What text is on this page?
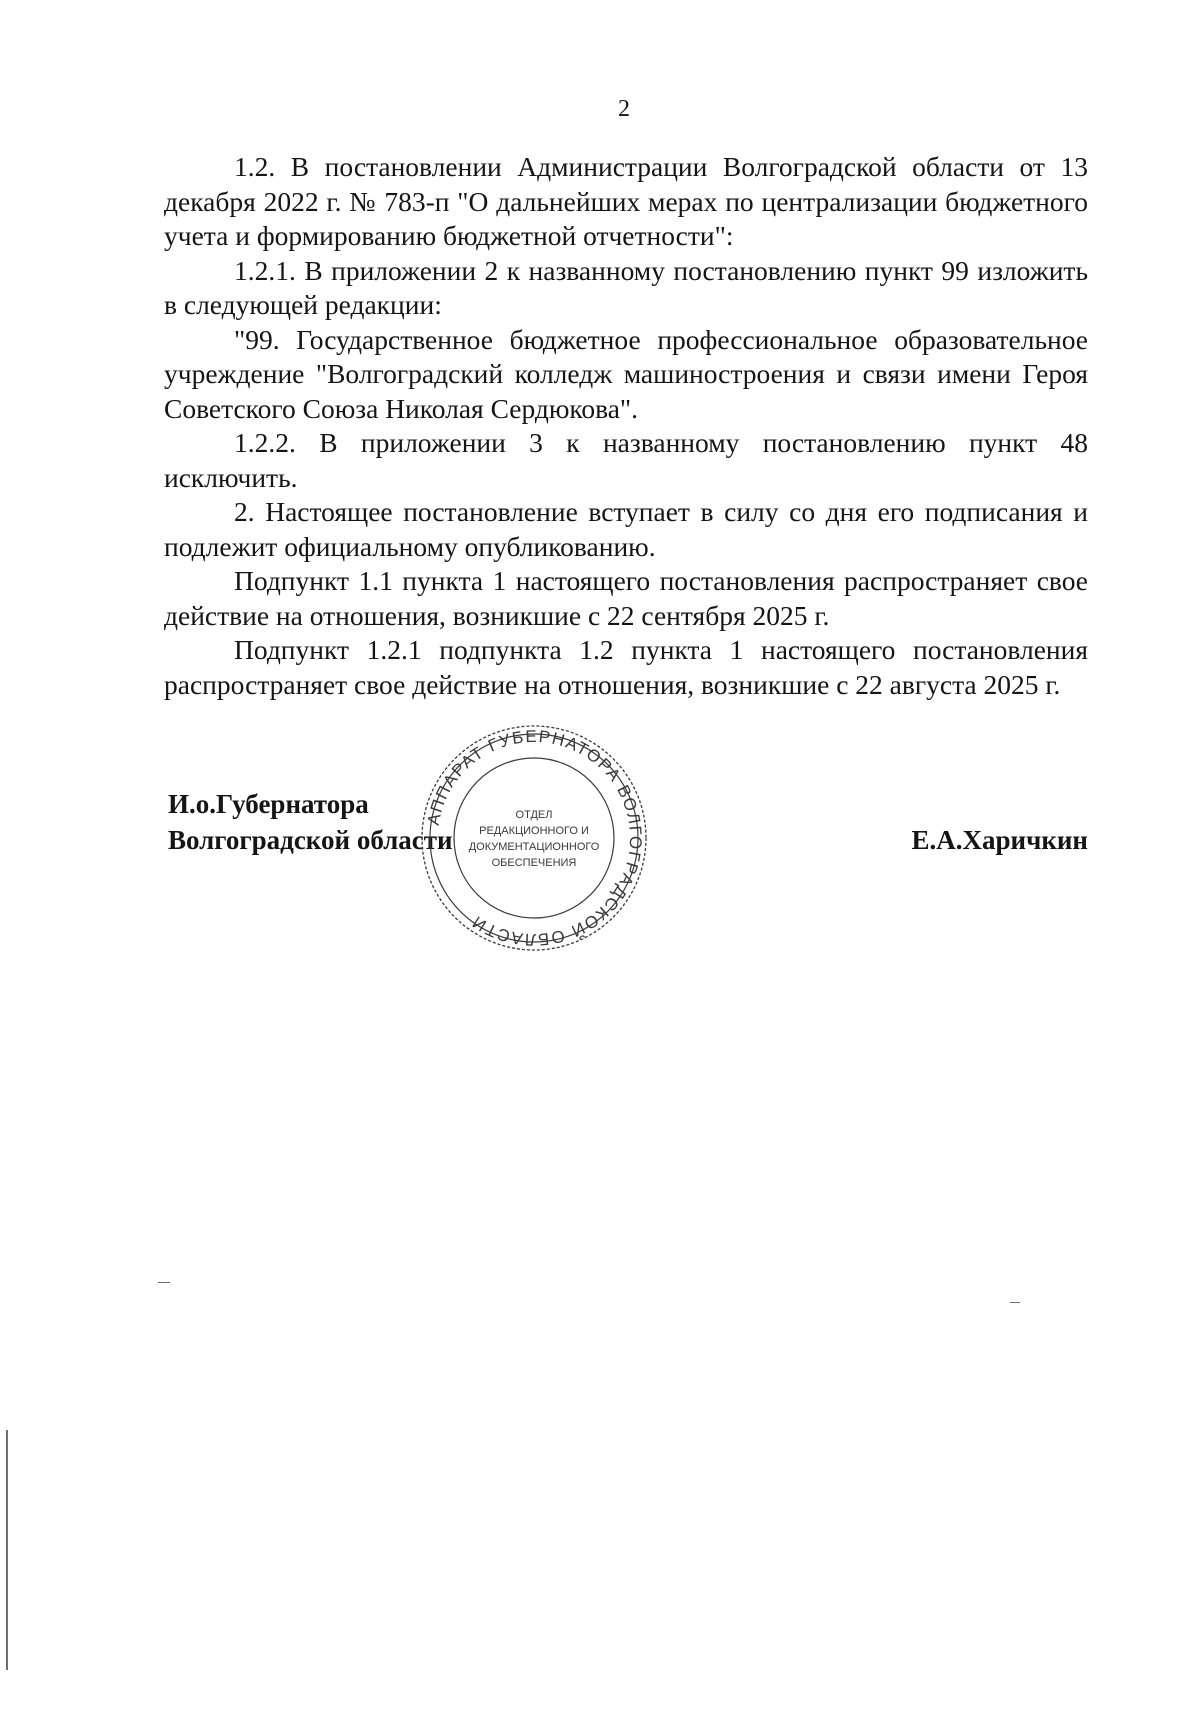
2

1.2. В постановлении Администрации Волгоградской области от 13 декабря 2022 г. № 783-п "О дальнейших мерах по централизации бюджетного учета и формированию бюджетной отчетности":

1.2.1. В приложении 2 к названному постановлению пункт 99 изложить в следующей редакции:

"99. Государственное бюджетное профессиональное образовательное учреждение "Волгоградский колледж машиностроения и связи имени Героя Советского Союза Николая Сердюкова".

1.2.2. В приложении 3 к названному постановлению пункт 48 исключить.

2. Настоящее постановление вступает в силу со дня его подписания и подлежит официальному опубликованию.

Подпункт 1.1 пункта 1 настоящего постановления распространяет свое действие на отношения, возникшие с 22 сентября 2025 г.

Подпункт 1.2.1 подпункта 1.2 пункта 1 настоящего постановления распространяет свое действие на отношения, возникшие с 22 августа 2025 г.

И.о.Губернатора
Волгоградской области	Е.А.Харичкин
АППАРАТ ГУБЕРНАТОРА ВОЛГОГРАДСКОЙ ОБЛАСТИ
ОТДЕЛ
РЕДАКЦИОННОГО И
ДОКУМЕНТАЦИОННОГО
ОБЕСПЕЧЕНИЯ
